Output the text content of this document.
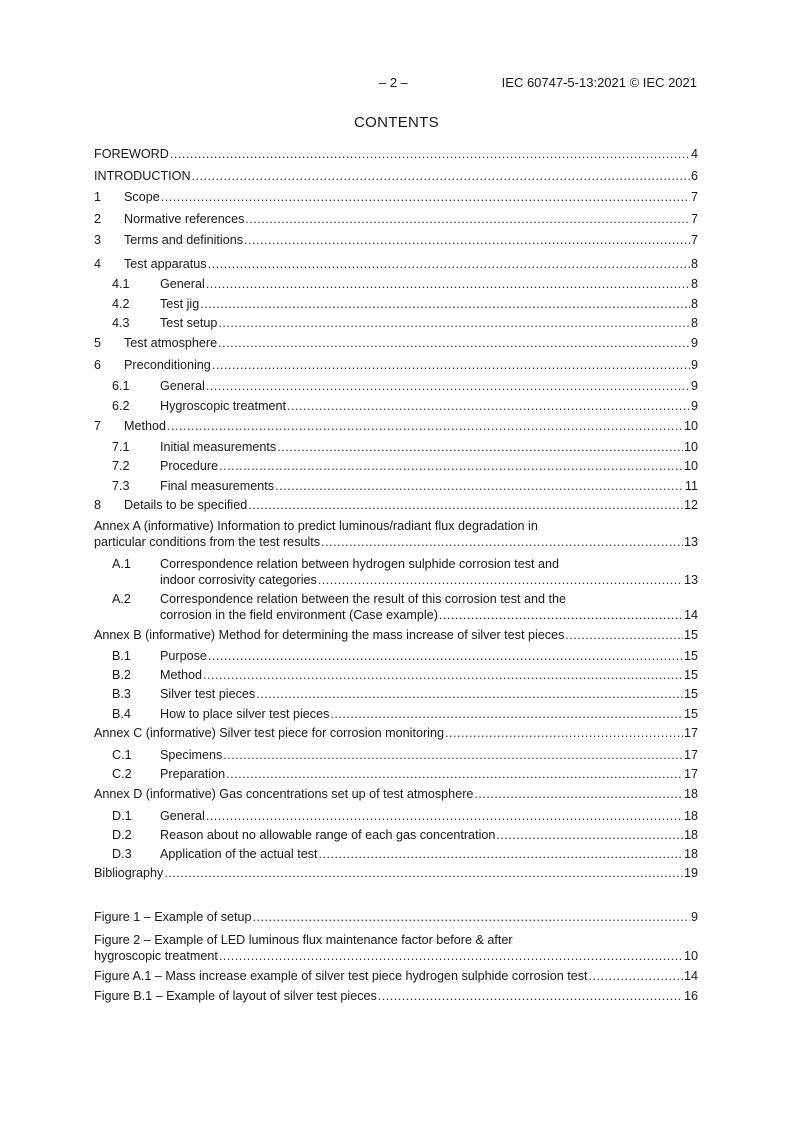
– 2 –	IEC 60747-5-13:2021 © IEC 2021
CONTENTS
FOREWORD .....	4
INTRODUCTION .....	6
1	Scope .....	7
2	Normative references .....	7
3	Terms and definitions .....	7
4	Test apparatus .....	8
4.1	General .....	8
4.2	Test jig .....	8
4.3	Test setup .....	8
5	Test atmosphere .....	9
6	Preconditioning .....	9
6.1	General .....	9
6.2	Hygroscopic treatment .....	9
7	Method .....	10
7.1	Initial measurements .....	10
7.2	Procedure .....	10
7.3	Final measurements .....	11
8	Details to be specified .....	12
Annex A (informative) Information to predict luminous/radiant flux degradation in
particular conditions from the test results .....	13
A.1	Correspondence relation between hydrogen sulphide corrosion test and
indoor corrosivity categories .....	13
A.2	Correspondence relation between the result of this corrosion test and the
corrosion in the field environment (Case example) .....	14
Annex B (informative) Method for determining the mass increase of silver test pieces .....	15
B.1	Purpose .....	15
B.2	Method .....	15
B.3	Silver test pieces .....	15
B.4	How to place silver test pieces .....	15
Annex C (informative) Silver test piece for corrosion monitoring .....	17
C.1	Specimens .....	17
C.2	Preparation .....	17
Annex D (informative) Gas concentrations set up of test atmosphere .....	18
D.1	General .....	18
D.2	Reason about no allowable range of each gas concentration .....	18
D.3	Application of the actual test .....	18
Bibliography .....	19
Figure 1 – Example of setup .....	9
Figure 2 – Example of LED luminous flux maintenance factor before & after
hygroscopic treatment .....	10
Figure A.1 – Mass increase example of silver test piece hydrogen sulphide corrosion test .....	14
Figure B.1 – Example of layout of silver test pieces .....	16
